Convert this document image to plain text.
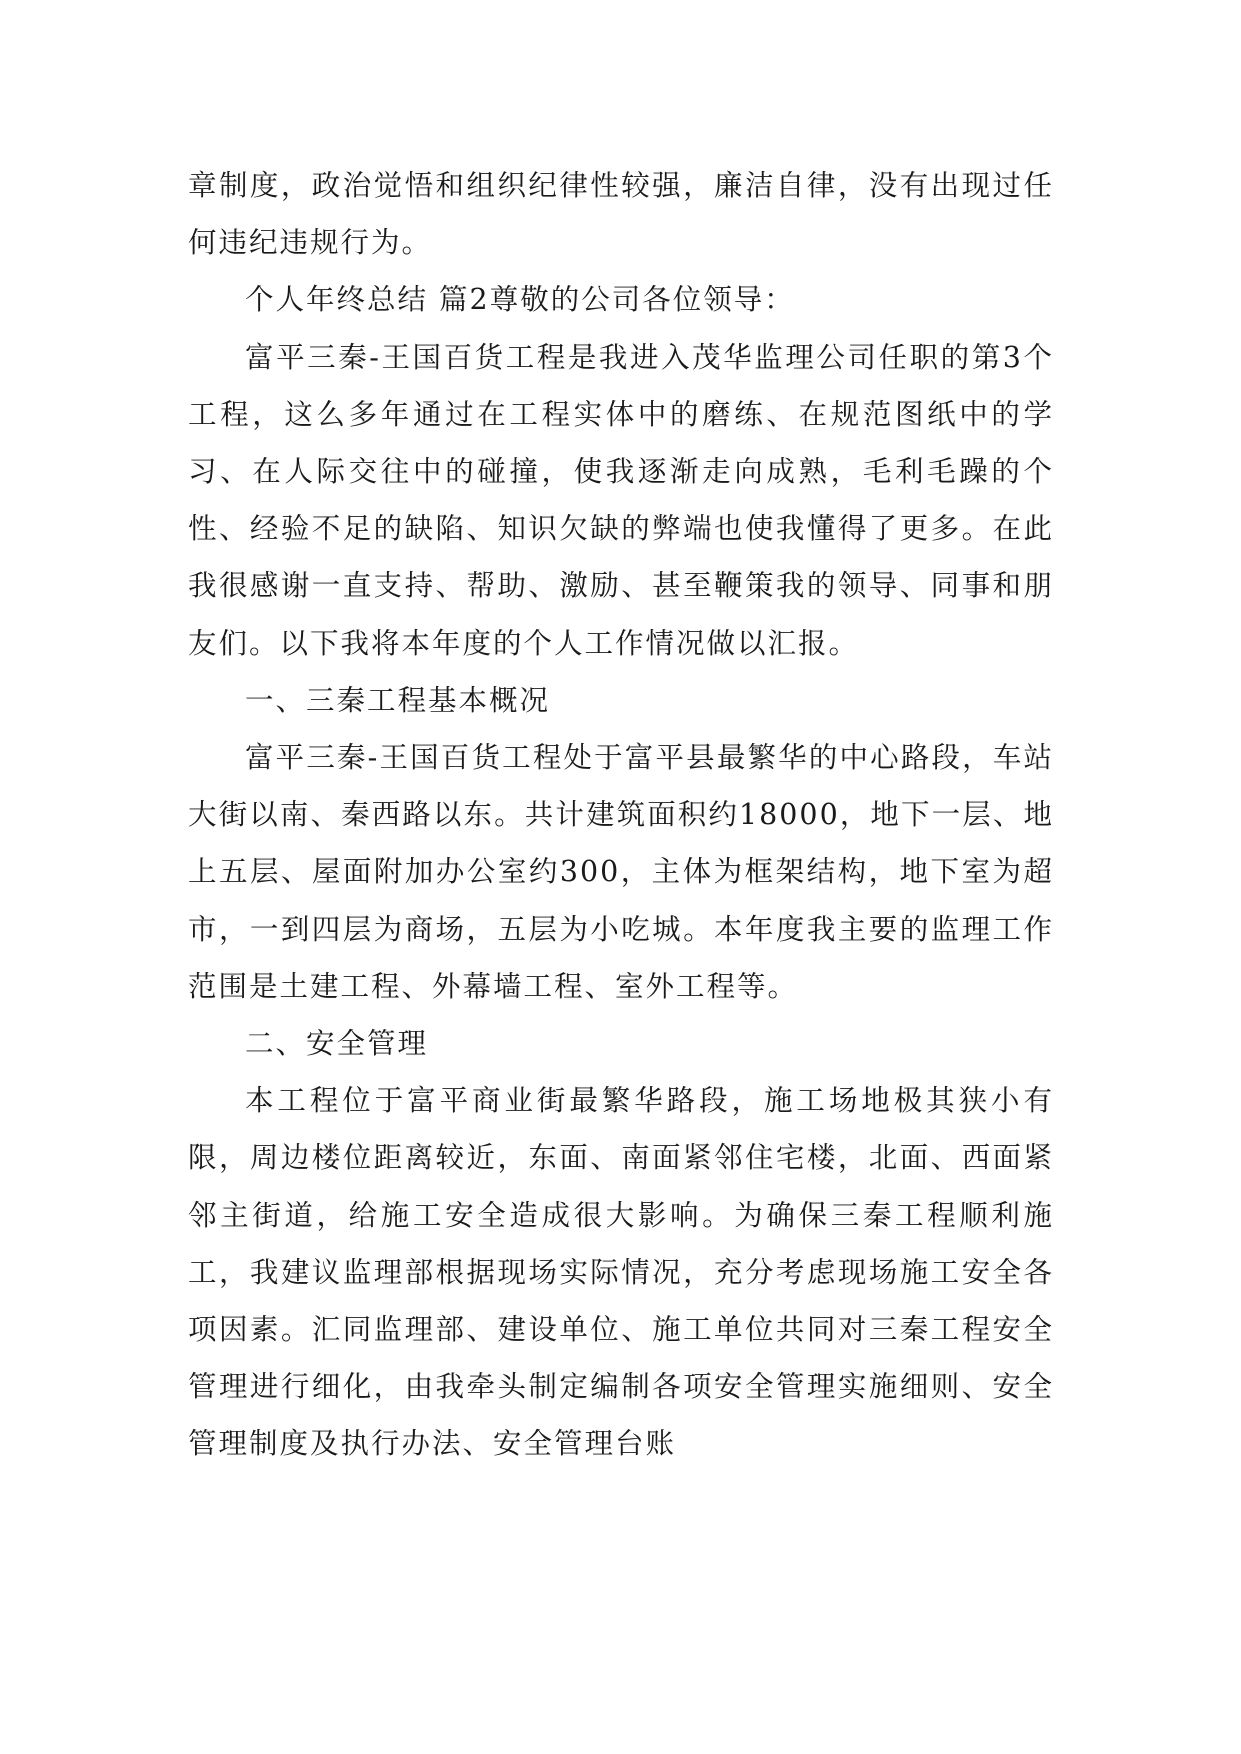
章制度，政治觉悟和组织纪律性较强，廉洁自律，没有出现过任何违纪违规行为。

个人年终总结 篇2尊敬的公司各位领导：

富平三秦-王国百货工程是我进入茂华监理公司任职的第3个工程，这么多年通过在工程实体中的磨练、在规范图纸中的学习、在人际交往中的碰撞，使我逐渐走向成熟，毛利毛躁的个性、经验不足的缺陷、知识欠缺的弊端也使我懂得了更多。在此我很感谢一直支持、帮助、激励、甚至鞭策我的领导、同事和朋友们。以下我将本年度的个人工作情况做以汇报。

一、三秦工程基本概况

富平三秦-王国百货工程处于富平县最繁华的中心路段，车站大街以南、秦西路以东。共计建筑面积约18000，地下一层、地上五层、屋面附加办公室约300，主体为框架结构，地下室为超市，一到四层为商场，五层为小吃城。本年度我主要的监理工作范围是土建工程、外幕墙工程、室外工程等。

二、安全管理

本工程位于富平商业街最繁华路段，施工场地极其狭小有限，周边楼位距离较近，东面、南面紧邻住宅楼，北面、西面紧邻主街道，给施工安全造成很大影响。为确保三秦工程顺利施工，我建议监理部根据现场实际情况，充分考虑现场施工安全各项因素。汇同监理部、建设单位、施工单位共同对三秦工程安全管理进行细化，由我牵头制定编制各项安全管理实施细则、安全管理制度及执行办法、安全管理台账
